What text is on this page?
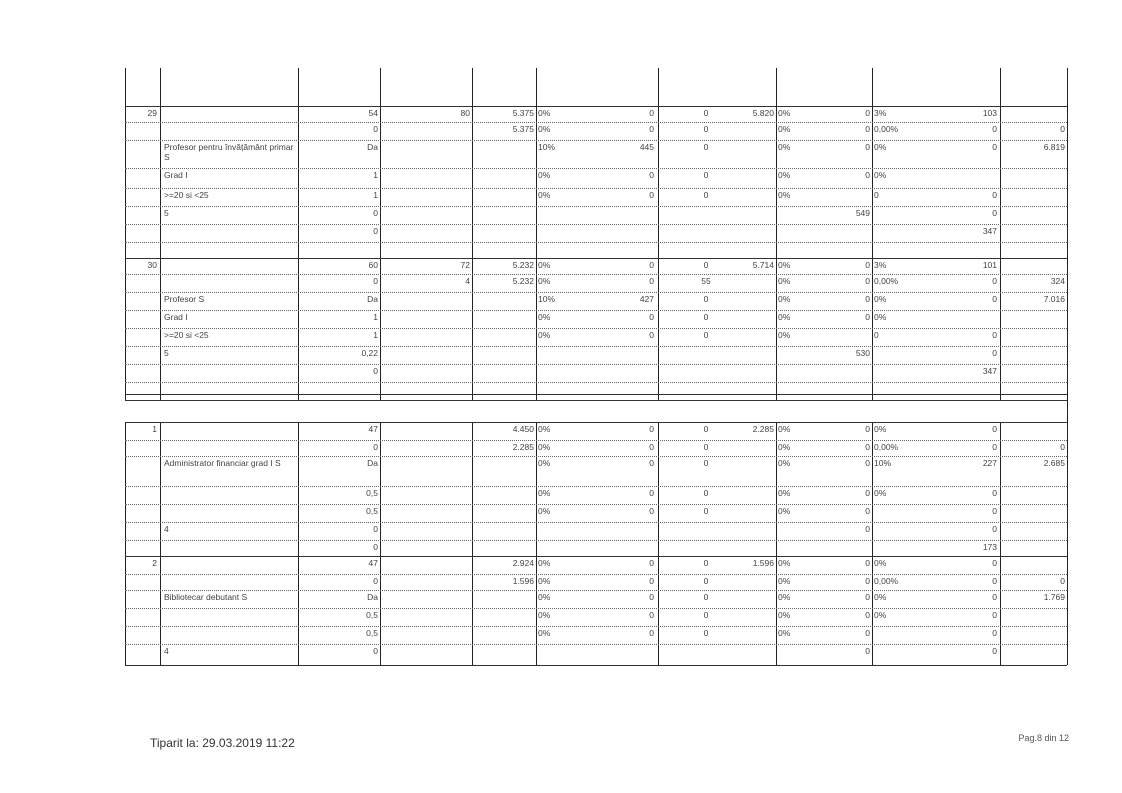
29
Profesor pentru învățământ primar S
Grad I
>=20 si <25
5
54
0
Da
1
1
0
0
80	5.375
5.375
0%
0%
10%
0%
0%
0
0
445
0
0
0
0
0
0
0
5.820 0%
0%
0%
0%
0%
0
0
0
0
549
3%
0,00%
0%
0%
0
103
0
0
0
0
347
0
6.819
30
Profesor S
Grad I
>=20 si <25
5
60
0
Da
1
1
0,22
0
72
4
5.232
5.232
0%
0%
10%
0%
0%
0
0
427
0
0
0
55
0
0
0
5.714 0%
0%
0%
0%
0%
0
0
0
0
530
3%
0,00%
0%
0%
0
101
0
0
0
0
347
324
7.016
1
Administrator financiar grad I S
4
47
0
Da
0,5
0,5
0
0
4.450
2.285
0%
0%
0%
0%
0%
0
0
0
0
0
0
0
0
0
0
2.285 0%
0%
0%
0%
0%
0
0
0
0
0
0
0%
0,00%
10%
0%
0
0
227
0
0
0
173
0
2.685
2
Bibliotecar debutant S
4
47
0
Da
0,5
0,5
0
2.924
1.596
0%
0%
0%
0%
0%
0
0
0
0
0
0
0
0
0
0
1.596 0%
0%
0%
0%
0%
0
0
0
0
0
0
0%
0,00%
0%
0%
0
0
0
0
0
0
0
1.769
Tiparit la: 29.03.2019 11:22	Pag.8 din 12
